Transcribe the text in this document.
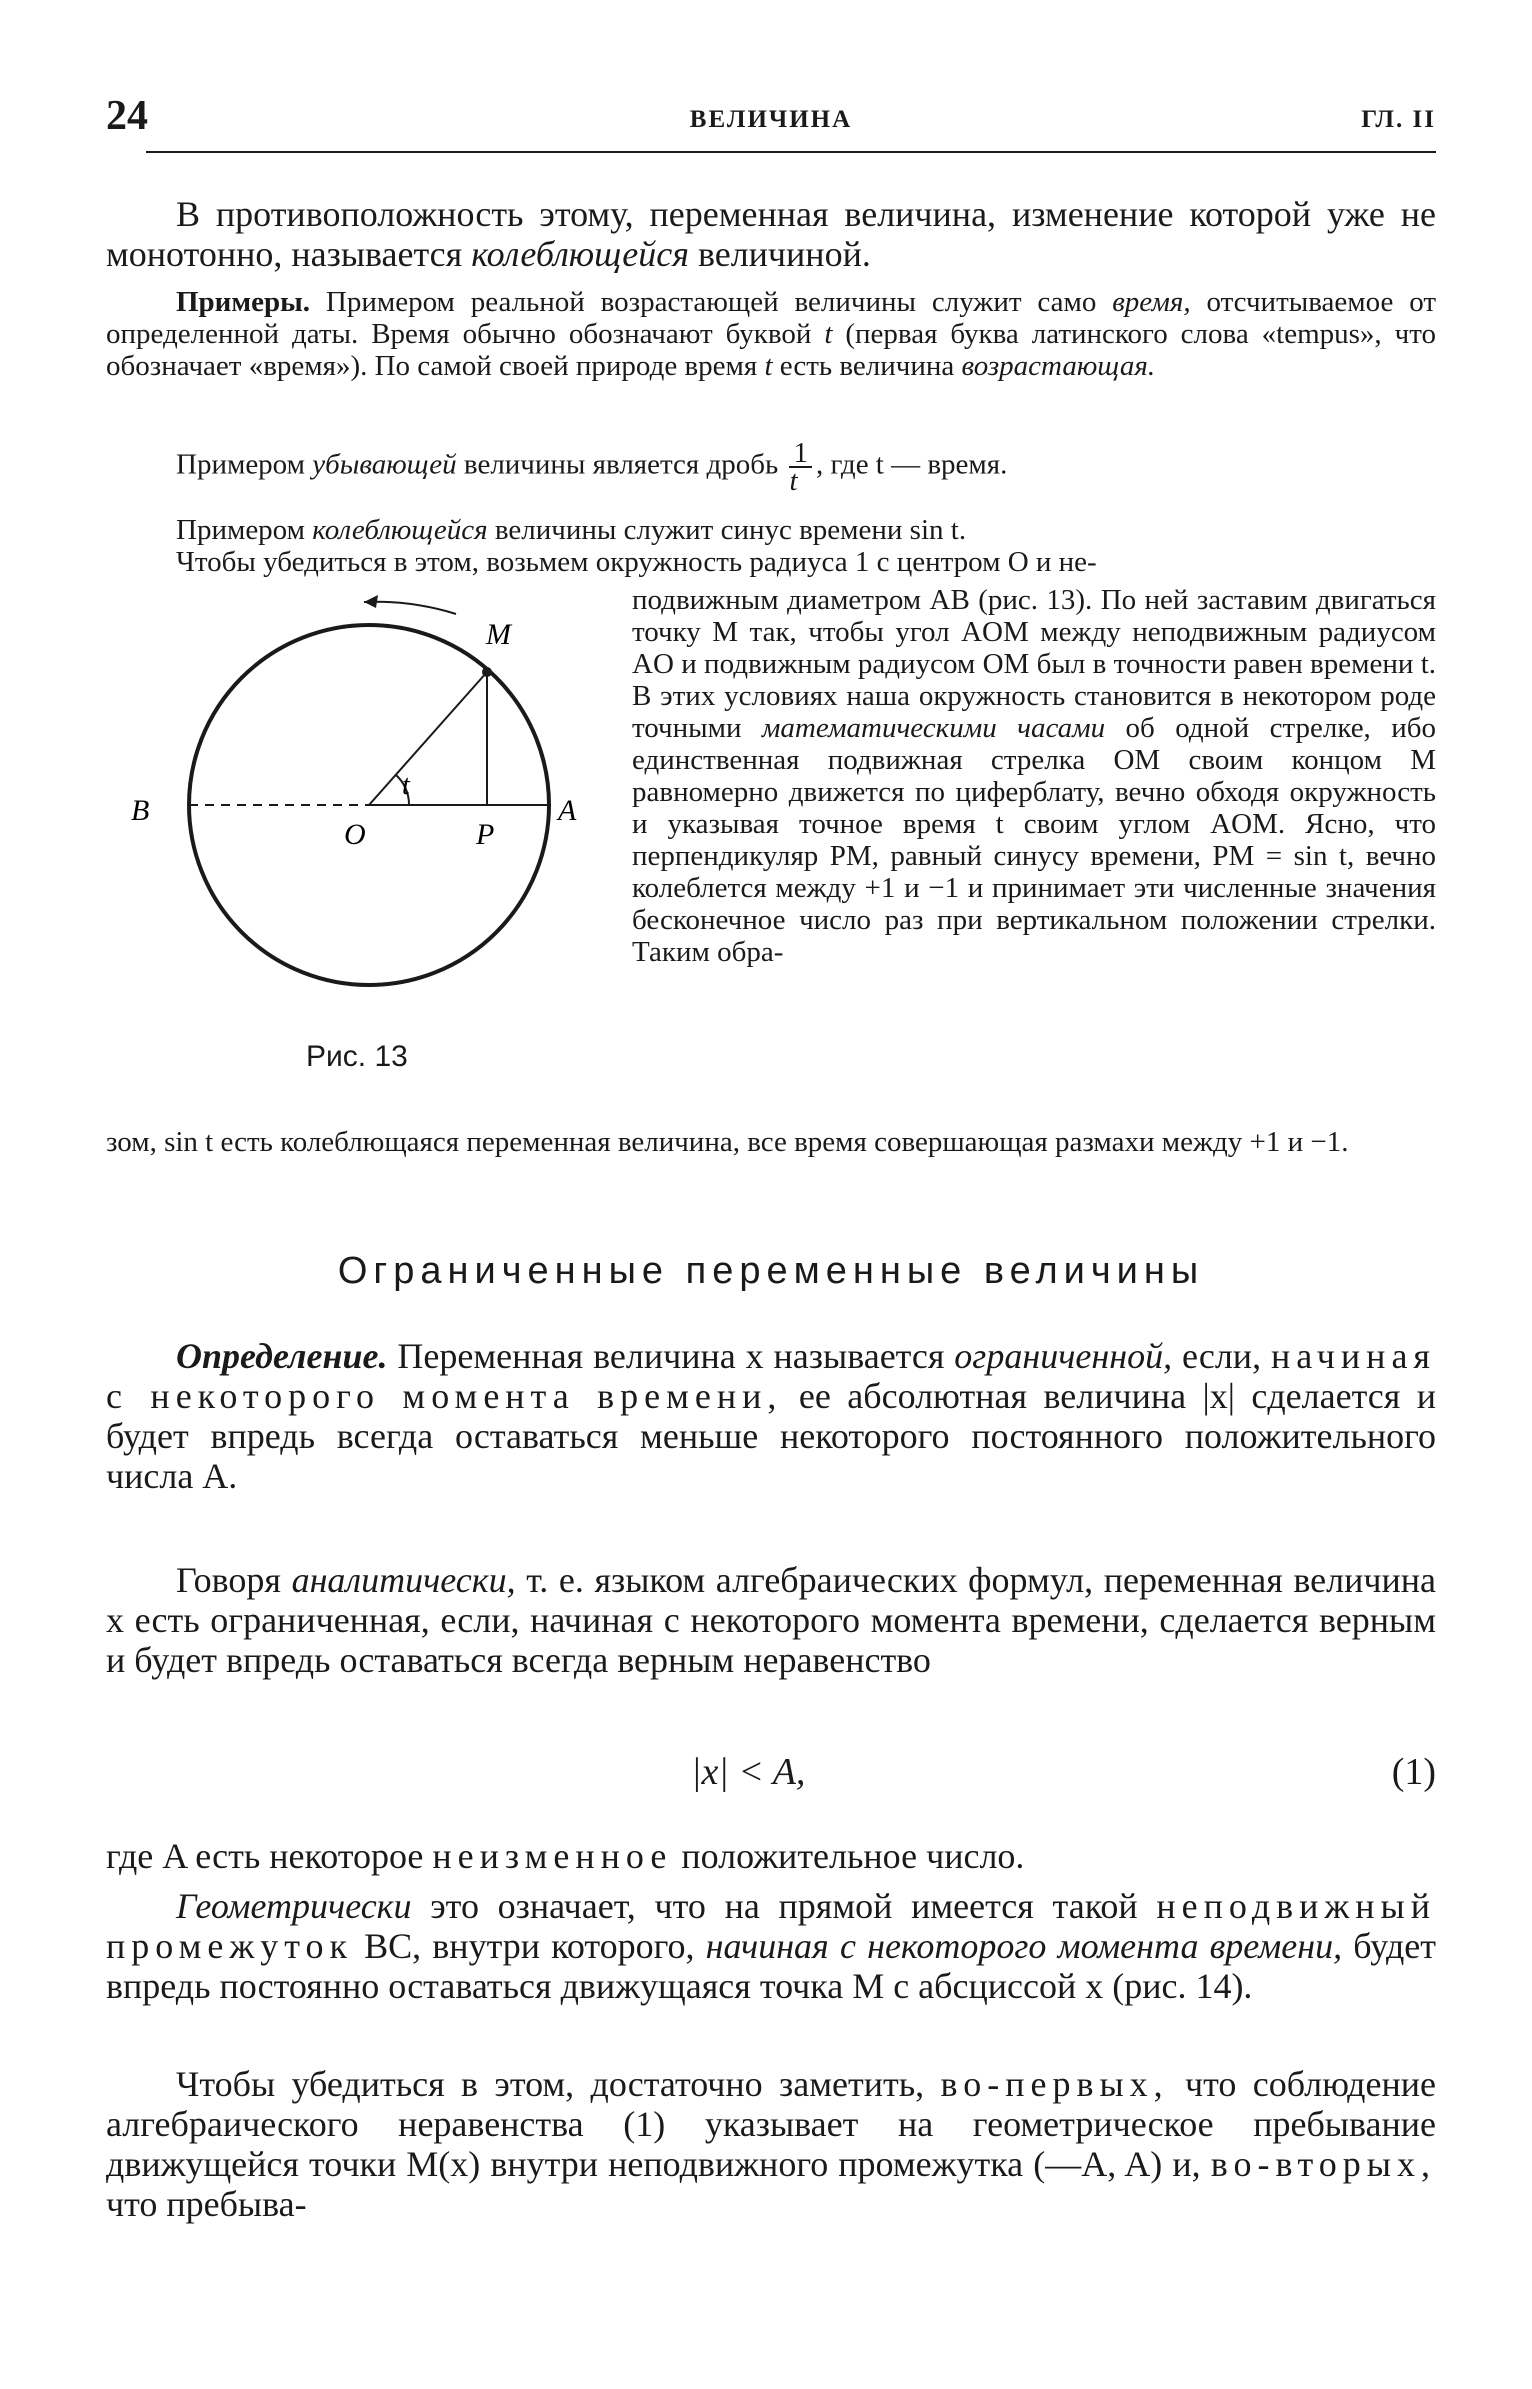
24	ВЕЛИЧИНА	ГЛ. II
В противоположность этому, переменная величина, изменение которой уже не монотонно, называется колеблющейся величиной.
Примеры. Примером реальной возрастающей величины служит само время, отсчитываемое от определенной даты. Время обычно обозначают буквой t (первая буква латинского слова «tempus», что обозначает «время»). По самой своей природе время t есть величина возрастающая.
Примером убывающей величины является дробь $\frac{1}{t}$ , где t — время.
Примером колеблющейся величины служит синус времени sin t.
Чтобы убедиться в этом, возьмем окружность радиуса 1 с центром O и не-
M
t
B
O	P
A
Рис. 13
подвижным диаметром AB (рис. 13). По ней заставим двигаться точку M так, чтобы угол AOM между неподвижным радиусом AO и подвижным радиусом OM был в точности равен времени t. В этих условиях наша окружность становится в некотором роде точными математическими часами об одной стрелке, ибо единственная подвижная стрелка OM своим концом M равномерно движется по циферблату, вечно обходя окружность и указывая точное время t своим углом AOM. Ясно, что перпендикуляр PM, равный синусу времени, PM = sin t, вечно колеблется между +1 и −1 и принимает эти численные значения бесконечное число раз при вертикальном положении стрелки. Таким обра-
зом, sin t есть колеблющаяся переменная величина, все время совершающая размахи между +1 и −1.
Ограниченные переменные величины
Определение. Переменная величина x называется ограниченной, если, начиная с некоторого момента времени, ее абсолютная величина |x| сделается и будет впредь всегда оставаться меньше некоторого постоянного положительного числа A.
Говоря аналитически, т. е. языком алгебраических формул, переменная величина x есть ограниченная, если, начиная с некоторого момента времени, сделается верным и будет впредь оставаться всегда верным неравенство
|x| < A,	(1)
где A есть некоторое неизменное положительное число.
Геометрически это означает, что на прямой имеется такой неподвижный промежуток BC, внутри которого, начиная с некоторого момента времени, будет впредь постоянно оставаться движущаяся точка M с абсциссой x (рис. 14).
Чтобы убедиться в этом, достаточно заметить, во-первых, что соблюдение алгебраического неравенства (1) указывает на геометрическое пребывание движущейся точки M(x) внутри неподвижного промежутка (—A, A) и, во-вторых, что пребыва-
